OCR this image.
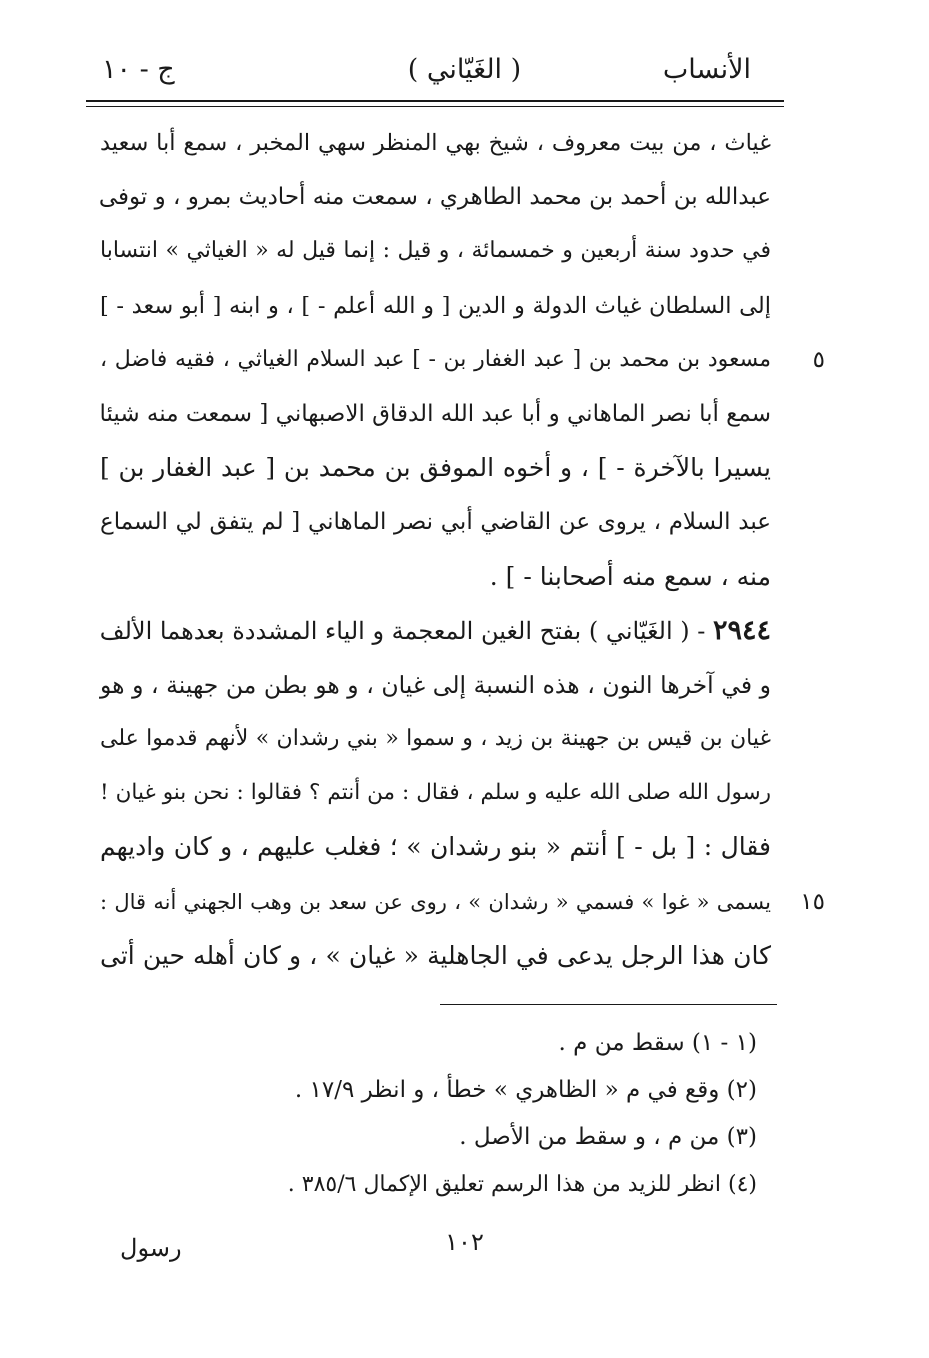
الأنساب
( الغَيّاني )
ج - ١٠
غياث ، من بيت معروف ، شيخ بهي المنظر سهي المخبر ، سمع أبا سعيد
عبدالله بن أحمد بن محمد الطاهري ، سمعت منه أحاديث بمرو ، و توفى
في حدود سنة أربعين و خمسمائة ، و قيل : إنما قيل له « الغياثي » انتسابا
إلى السلطان غياث الدولة و الدين [ و الله أعلم - ] ، و ابنه [ أبو سعد - ]
مسعود بن محمد بن [ عبد الغفار بن - ] عبد السلام الغياثي ، فقيه فاضل ،	٥
سمع أبا نصر الماهاني و أبا عبد الله الدقاق الاصبهاني [ سمعت منه شيئا
يسيرا بالآخرة - ] ، و أخوه الموفق بن محمد بن [ عبد الغفار بن ]
عبد السلام ، يروى عن القاضي أبي نصر الماهاني [ لم يتفق لي السماع
منه ، سمع منه أصحابنا - ] .
٢٩٤٤ - ( الغَيّاني ) بفتح الغين المعجمة و الياء المشددة بعدهما الألف
و في آخرها النون ، هذه النسبة إلى غيان ، و هو بطن من جهينة ، و هو
غيان بن قيس بن جهينة بن زيد ، و سموا « بني رشدان » لأنهم قدموا على
رسول الله صلى الله عليه و سلم ، فقال : من أنتم ؟ فقالوا : نحن بنو غيان !
فقال : [ بل - ] أنتم « بنو رشدان » ؛ فغلب عليهم ، و كان واديهم
يسمى « غوا » فسمي « رشدان » ، روى عن سعد بن وهب الجهني أنه قال :	١٥
كان هذا الرجل يدعى في الجاهلية « غيان » ، و كان أهله حين أتى
(١ - ١) سقط من م .
(٢) وقع في م « الظاهري » خطأ ، و انظر ١٧/٩ .
(٣) من م ، و سقط من الأصل .
(٤) انظر للزيد من هذا الرسم تعليق الإكمال ٣٨٥/٦ .
١٠٢
رسول
